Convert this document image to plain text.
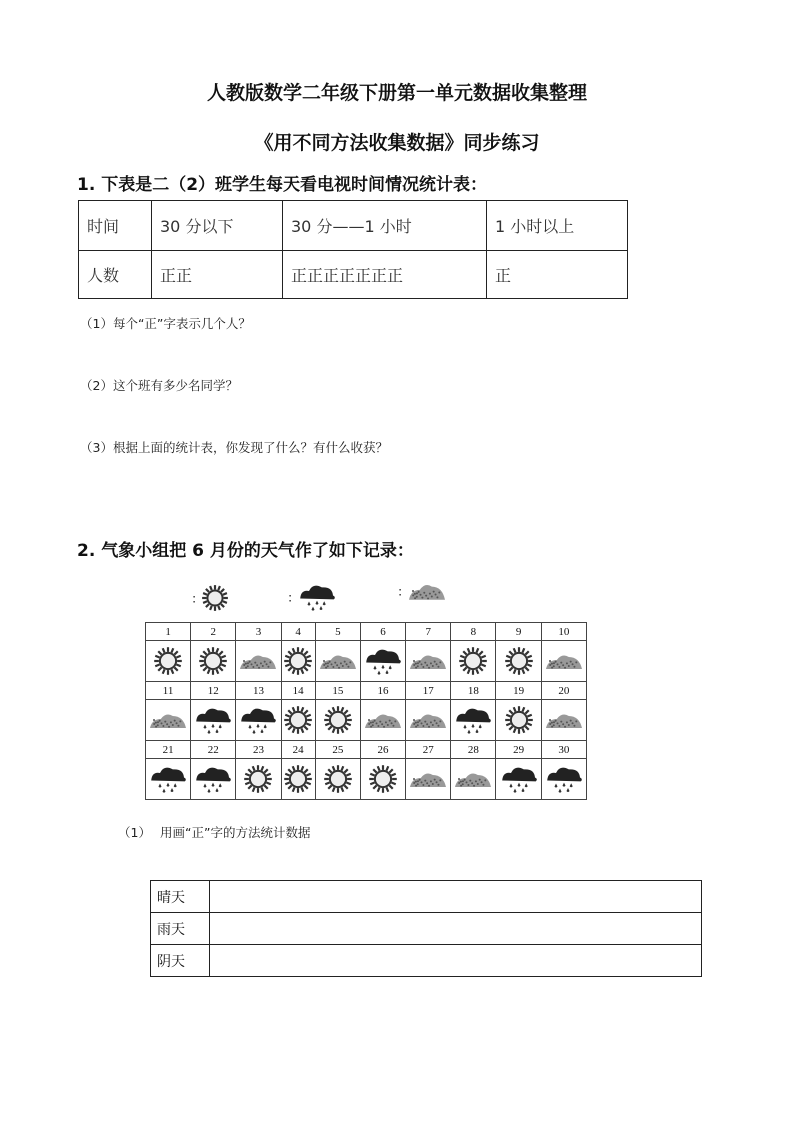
人教版数学二年级下册第一单元数据收集整理
《用不同方法收集数据》同步练习
1. 下表是二（2）班学生每天看电视时间情况统计表：
时间	30 分以下	30 分——1 小时	1 小时以上
人数	正正	正正正正正正正	正
（1）每个“正”字表示几个人？
（2）这个班有多少名同学？
（3）根据上面的统计表，你发现了什么？有什么收获？
2. 气象小组把 6 月份的天气作了如下记录：
:	:	:
1	2	3	4	5	6	7	8	9	10

11	12	13	14	15	16	17	18	19	20

21	22	23	24	25	26	27	28	29	30

（1） 用画“正”字的方法统计数据
晴天	
雨天	
阴天	
